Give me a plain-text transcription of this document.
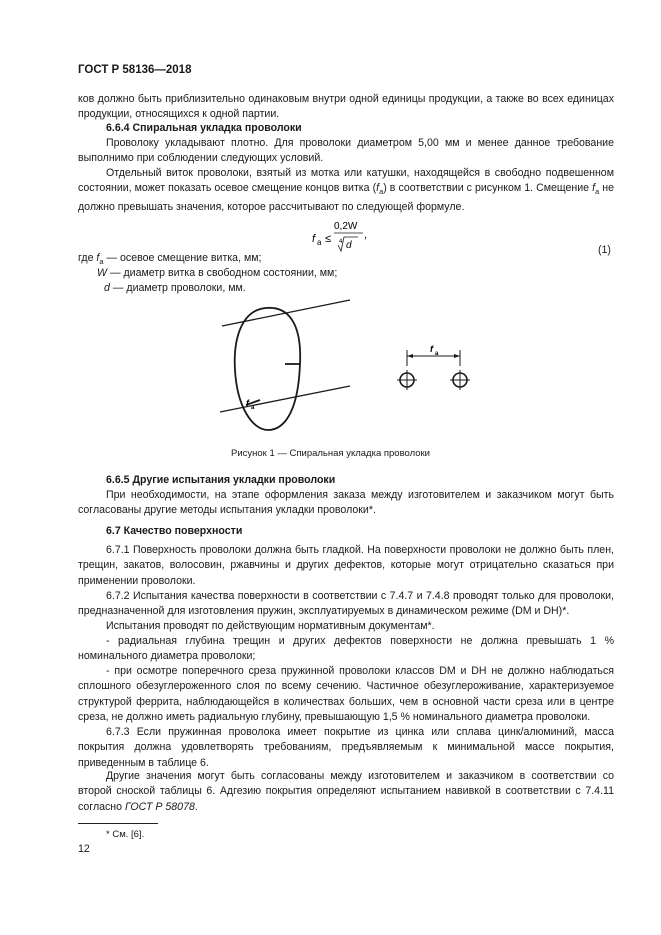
ГОСТ Р 58136—2018

ков должно быть приблизительно одинаковым внутри одной единицы продукции, а также во всех единицах продукции, относящихся к одной партии.

6.6.4 Спиральная укладка проволоки

Проволоку укладывают плотно. Для проволоки диаметром 5,00 мм и менее данное требование выполнимо при соблюдении следующих условий.

Отдельный виток проволоки, взятый из мотка или катушки, находящейся в свободно подвешенном состоянии, может показать осевое смещение концов витка $(f_a)$ в соответствии с рисунком 1. Смещение $f_a$ не должно превышать значения, которое рассчитывают по следующей формуле.

f a ≤
0,2W
4 d
,
(1)
где $f_a$ — осевое смещение витка, мм;
W — диаметр витка в свободном состоянии, мм;
d — диаметр проволоки, мм.
f a
f a
Рисунок 1 — Спиральная укладка проволоки
6.6.5 Другие испытания укладки проволоки

При необходимости, на этапе оформления заказа между изготовителем и заказчиком могут быть согласованы другие методы испытания укладки проволоки*.

6.7 Качество поверхности

6.7.1 Поверхность проволоки должна быть гладкой. На поверхности проволоки не должно быть плен, трещин, закатов, волосовин, ржавчины и других дефектов, которые могут отрицательно сказаться при применении проволоки.

6.7.2 Испытания качества поверхности в соответствии с 7.4.7 и 7.4.8 проводят только для проволоки, предназначенной для изготовления пружин, эксплуатируемых в динамическом режиме (DM и DH)*.

Испытания проводят по действующим нормативным документам*.

- радиальная глубина трещин и других дефектов поверхности не должна превышать 1 % номинального диаметра проволоки;

- при осмотре поперечного среза пружинной проволоки классов DM и DH не должно наблюдаться сплошного обезуглероженного слоя по всему сечению. Частичное обезуглероживание, характеризуемое структурой феррита, наблюдающейся в количествах больших, чем в основной части среза или в центре среза, не должно иметь радиальную глубину, превышающую 1,5 % номинального диаметра проволоки.

6.7.3 Если пружинная проволока имеет покрытие из цинка или сплава цинк/алюминий, масса покрытия должна удовлетворять требованиям, предъявляемым к минимальной массе покрытия, приведенным в таблице 6.

Другие значения могут быть согласованы между изготовителем и заказчиком в соответствии со второй сноской таблицы 6. Адгезию покрытия определяют испытанием навивкой в соответствии с 7.4.11 согласно ГОСТ Р 58078.

* См. [6].
12
